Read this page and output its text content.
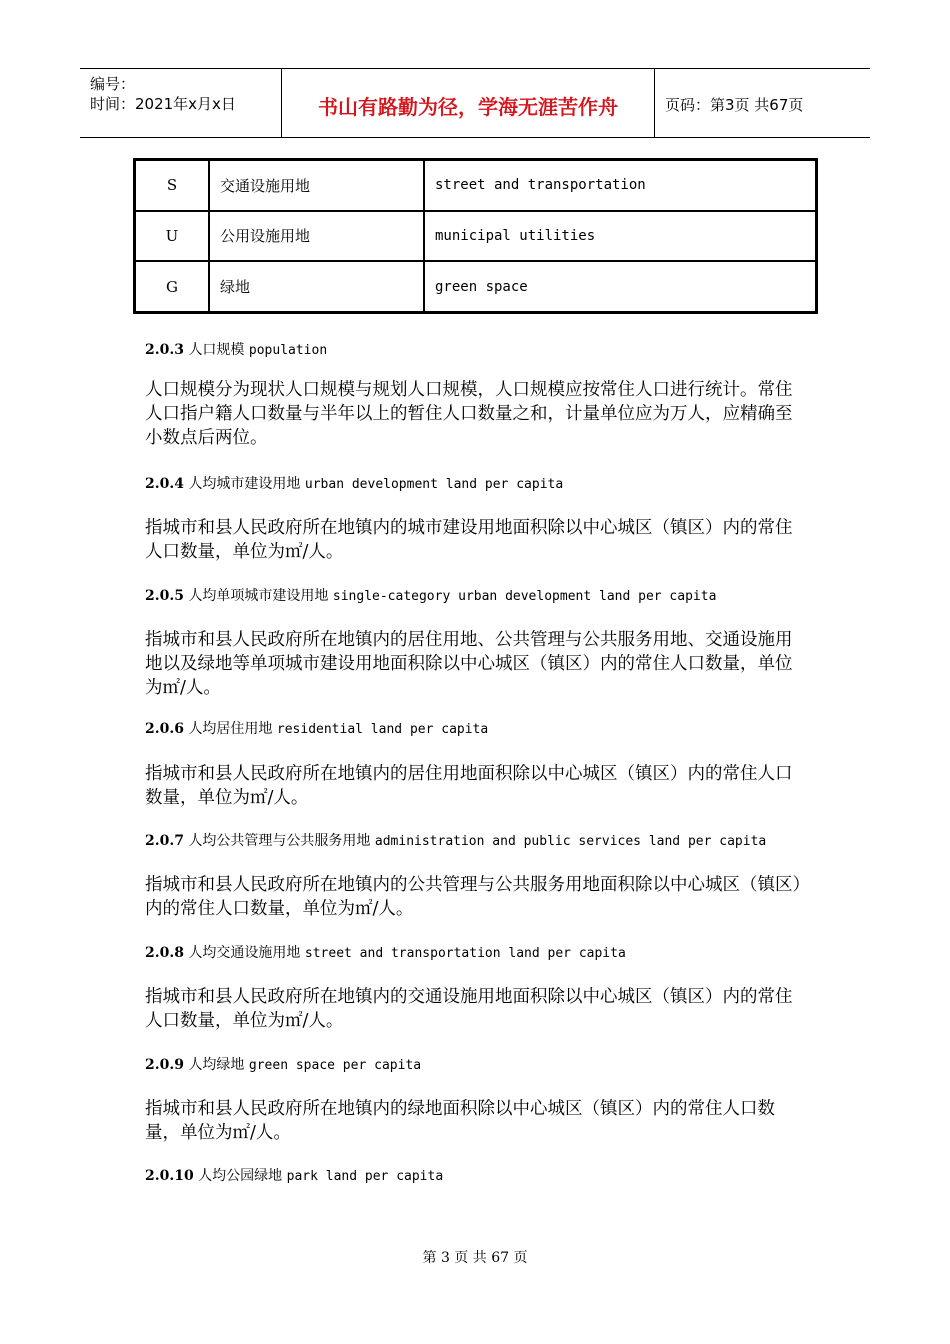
编号：
时间：2021年x月x日	书山有路勤为径，学海无涯苦作舟	页码：第3页 共67页
S	交通设施用地	street and transportation
U	公用设施用地	municipal utilities
G	绿地	green space
2.0.3 人口规模 population
人口规模分为现状人口规模与规划人口规模，人口规模应按常住人口进行统计。常住人口指户籍人口数量与半年以上的暂住人口数量之和，计量单位应为万人，应精确至小数点后两位。
2.0.4 人均城市建设用地 urban development land per capita
指城市和县人民政府所在地镇内的城市建设用地面积除以中心城区（镇区）内的常住人口数量，单位为㎡/人。
2.0.5 人均单项城市建设用地 single-category urban development land per capita
指城市和县人民政府所在地镇内的居住用地、公共管理与公共服务用地、交通设施用地以及绿地等单项城市建设用地面积除以中心城区（镇区）内的常住人口数量，单位为㎡/人。
2.0.6 人均居住用地 residential land per capita
指城市和县人民政府所在地镇内的居住用地面积除以中心城区（镇区）内的常住人口数量，单位为㎡/人。
2.0.7 人均公共管理与公共服务用地 administration and public services land per capita
指城市和县人民政府所在地镇内的公共管理与公共服务用地面积除以中心城区（镇区）内的常住人口数量，单位为㎡/人。
2.0.8 人均交通设施用地 street and transportation land per capita
指城市和县人民政府所在地镇内的交通设施用地面积除以中心城区（镇区）内的常住人口数量，单位为㎡/人。
2.0.9 人均绿地 green space per capita
指城市和县人民政府所在地镇内的绿地面积除以中心城区（镇区）内的常住人口数量，单位为㎡/人。
2.0.10 人均公园绿地 park land per capita
第 3 页 共 67 页
